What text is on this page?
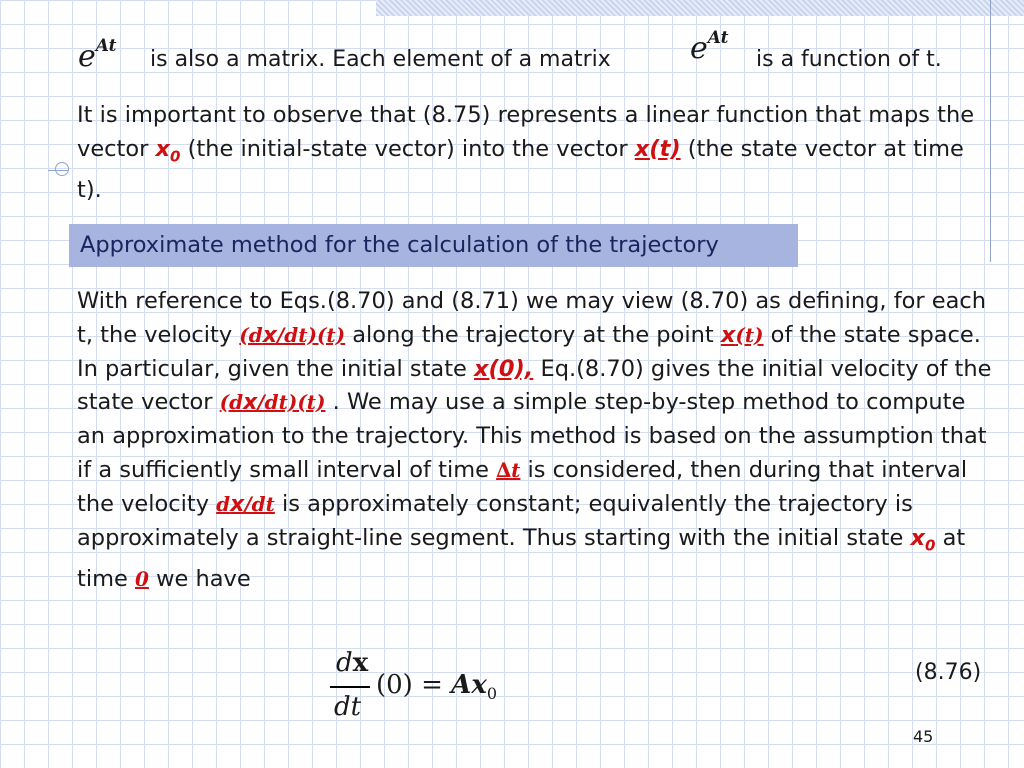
$e^{At}$
is also a matrix. Each element of a matrix	$e^{At}$
is a function of t.
It is important to observe that (8.75) represents a linear function that maps the vector $x_0$ (the initial-state vector) into the vector x(t) (the state vector at time t).
Approximate method for the calculation of the trajectory
With reference to Eqs.(8.70) and (8.71) we may view (8.70) as defining, for each t, the velocity (dx/dt)(t) along the trajectory at the point x(t) of the state space. In particular, given the initial state x(0), Eq.(8.70) gives the initial velocity of the state vector (dx/dt)(t) . We may use a simple step-by-step method to compute an approximation to the trajectory. This method is based on the assumption that if a sufficiently small interval of time ∆t is considered, then during that interval the velocity dx/dt is approximately constant; equivalently the trajectory is approximately a straight-line segment. Thus starting with the initial state $x_0$ at time 0 we have
dx
dt
$(0) = Ax_0$
(8.76)
45
